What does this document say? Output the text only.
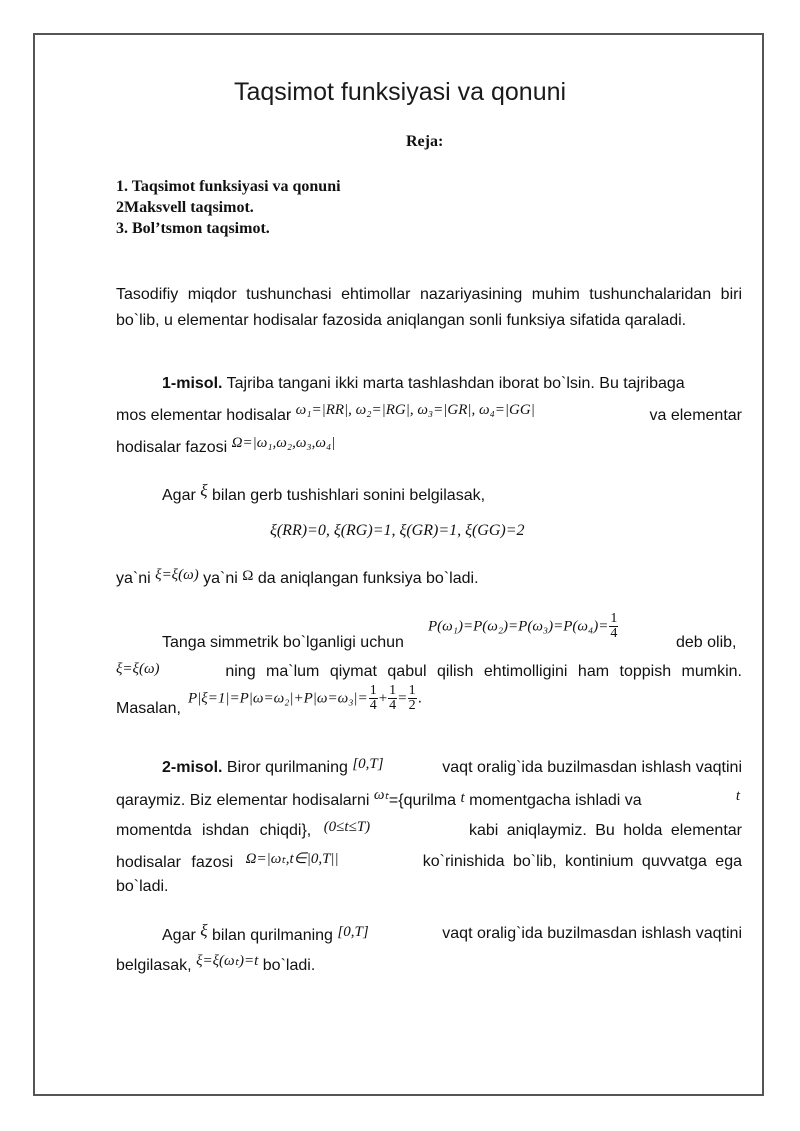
Taqsimot funksiyasi va qonuni
Reja:
1. Taqsimot funksiyasi va qonuni
2Maksvell taqsimot.
3. Bol’tsmon taqsimot.
Tasodifiy miqdor tushunchasi ehtimollar nazariyasining muhim tushunchalaridan biri bo`lib, u elementar hodisalar fazosida aniqlangan sonli funksiya sifatida qaraladi.
1-misol. Tajriba tangani ikki marta tashlashdan iborat bo`lsin. Bu tajribaga
mos elementar hodisalar ω₁=|RR|, ω₂=|RG|, ω₃=|GR|, ω₄=|GG|	va elementar
hodisalar fazosi Ω=|ω₁,ω₂,ω₃,ω₄|
Agar ξ bilan gerb tushishlari sonini belgilasak,
ξ(RR)=0, ξ(RG)=1, ξ(GR)=1, ξ(GG)=2
ya`ni ξ=ξ(ω) ya`ni Ω da aniqlangan funksiya bo`ladi.
Tanga simmetrik bo`lganligi uchun
$P(\omega_1)=P(\omega_2)=P(\omega_3)=P(\omega_4)= \frac{1}{4}$
deb olib,
ξ=ξ(ω)	ning ma`lum qiymat qabul qilish ehtimolligini ham toppish mumkin.
Masalan,
$P|\xi=1|=P|\omega=\omega_2|+P|\omega=\omega_3|= \frac{1}{4} + \frac{1}{4} = \frac{1}{2}$ .
2-misol. Biror qurilmaning [0,T]	vaqt oralig`ida buzilmasdan ishlash vaqtini
qaraymiz. Biz elementar hodisalarni ωₜ={qurilma t momentgacha ishladi va	t
momentda ishdan chiqdi}, (0≤t≤T)	kabi aniqlaymiz. Bu holda elementar
hodisalar fazosi Ω=|ωₜ,t∈|0,T||	ko`rinishida bo`lib, kontinium quvvatga ega
bo`ladi.
Agar ξ bilan qurilmaning [0,T]	vaqt oralig`ida buzilmasdan ishlash vaqtini
belgilasak, ξ=ξ(ωₜ)=t bo`ladi.
